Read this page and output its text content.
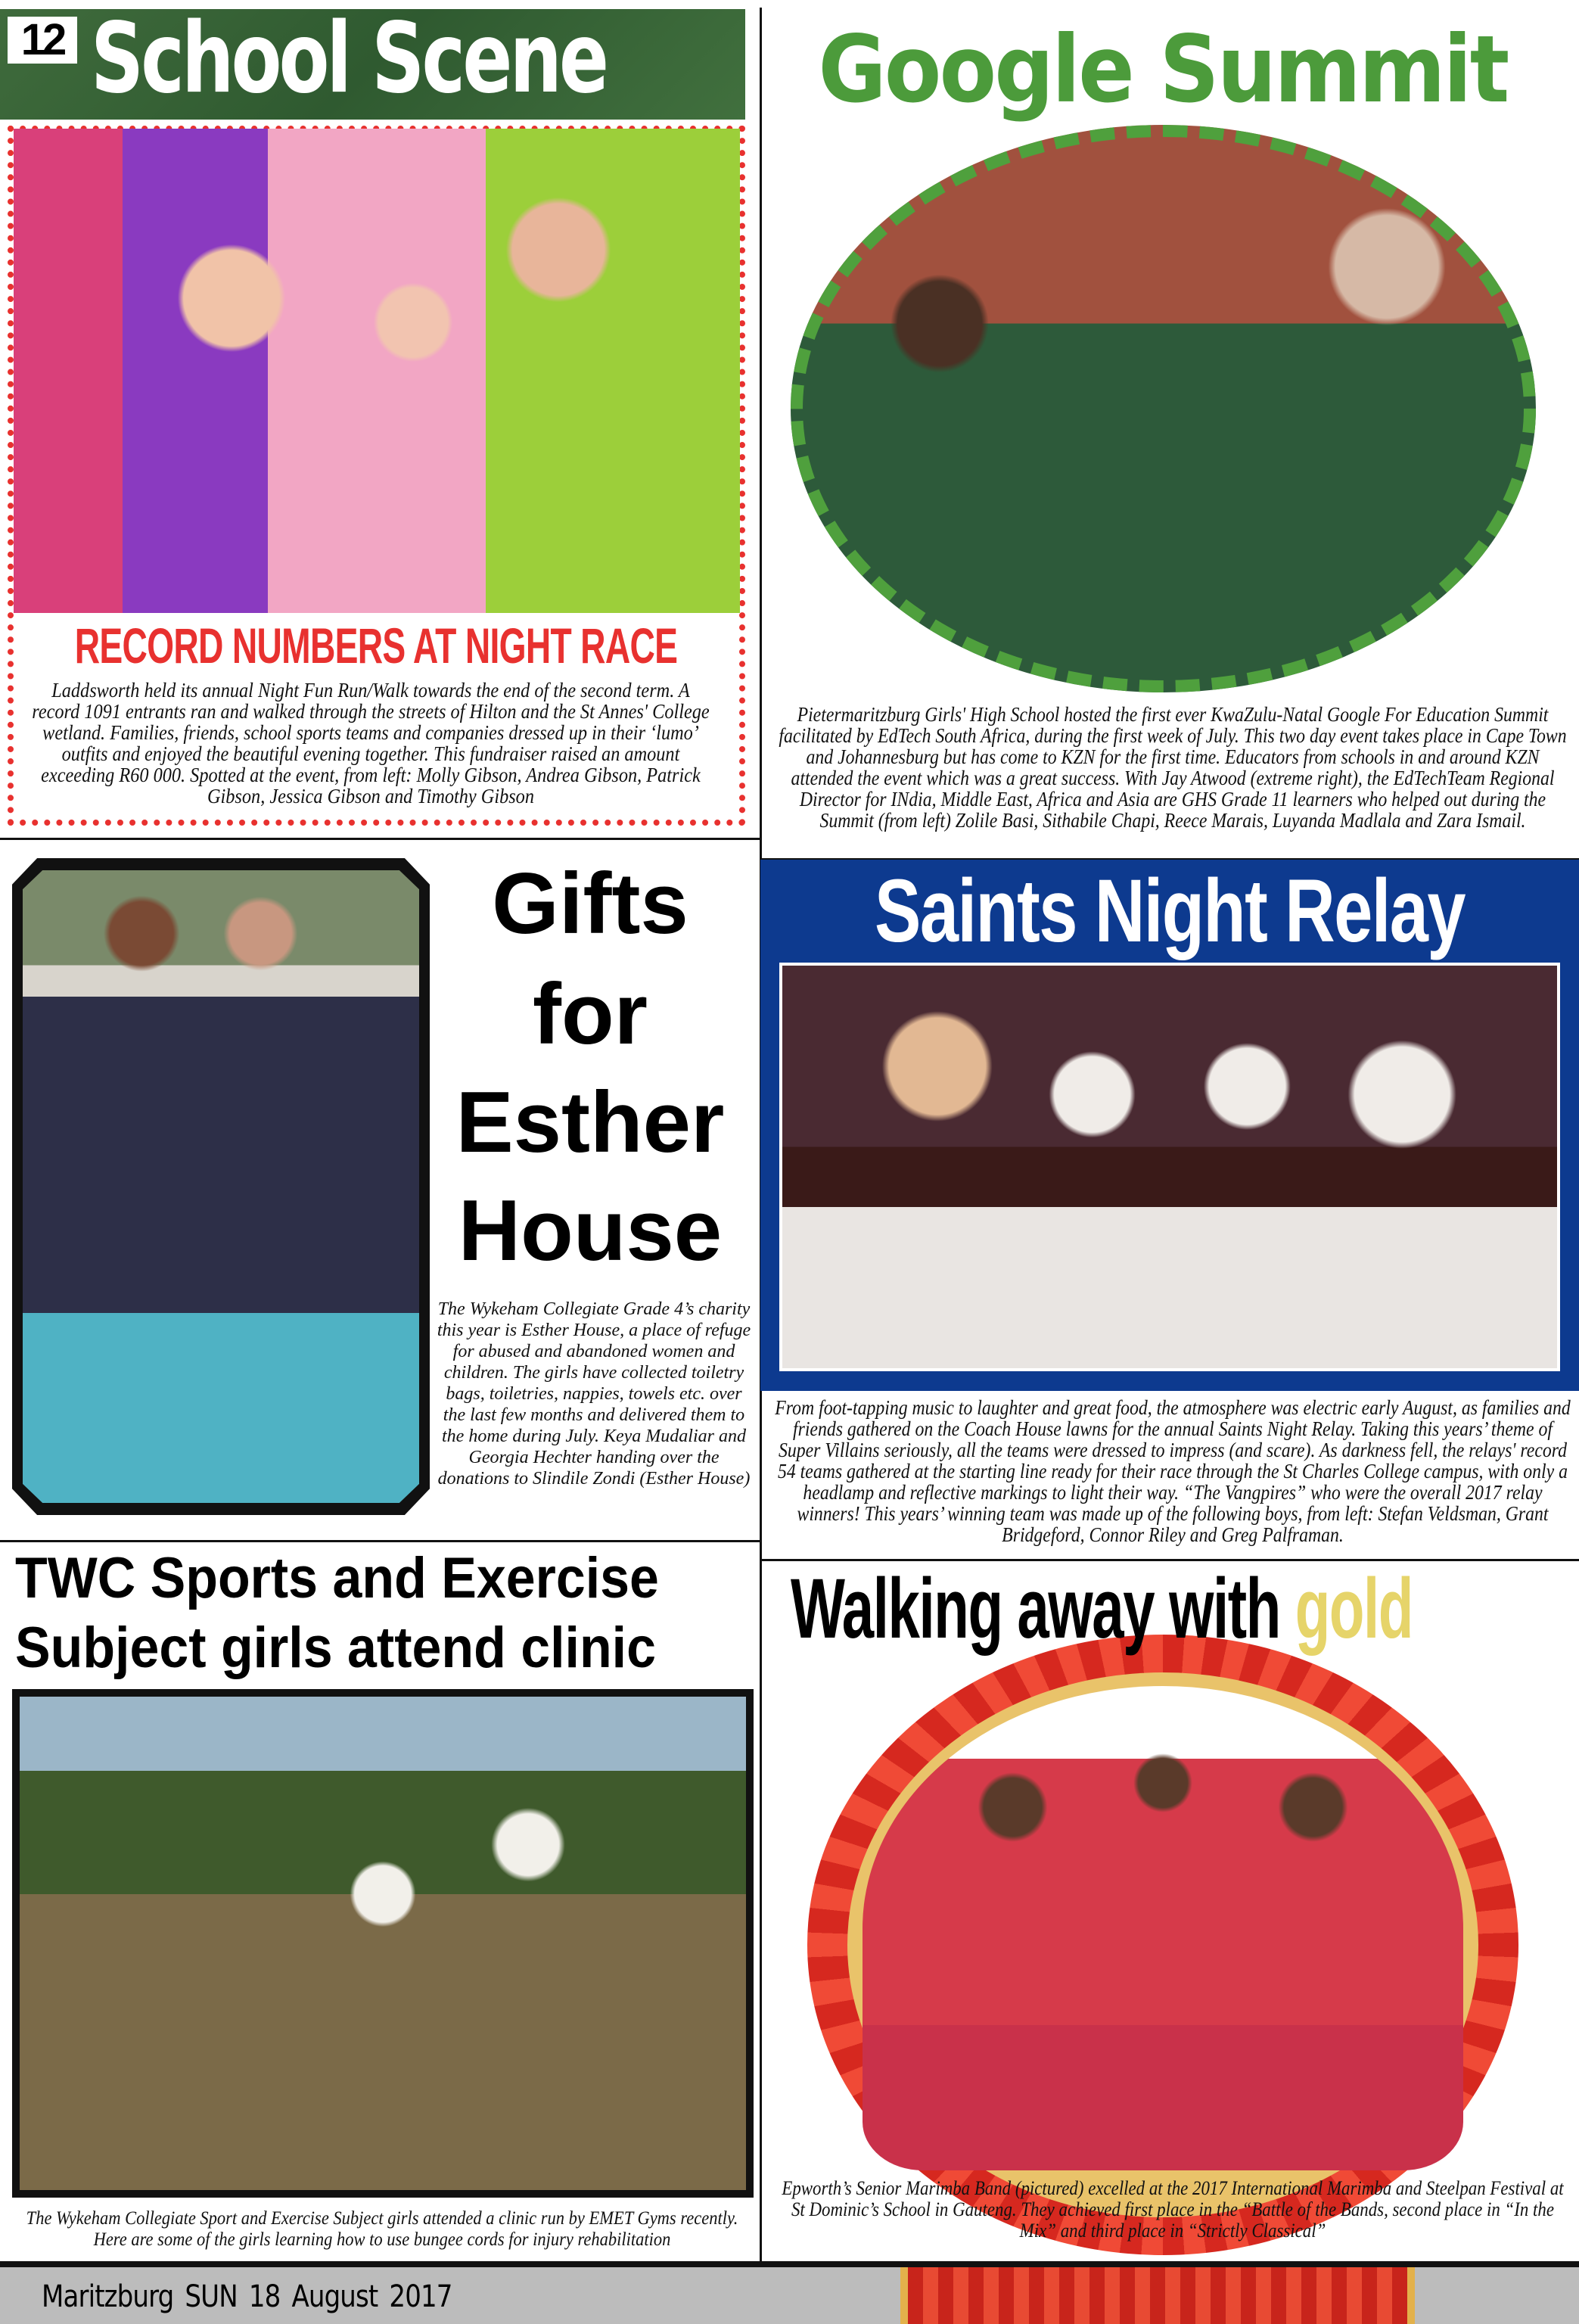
12 School Scene
RECORD NUMBERS AT NIGHT RACE
Laddsworth held its annual Night Fun Run/Walk towards the end of the second term. A record 1091 entrants ran and walked through the streets of Hilton and the St Annes' College wetland. Families, friends, school sports teams and companies dressed up in their ‘lumo’ outfits and enjoyed the beautiful evening together. This fundraiser raised an amount exceeding R60 000. Spotted at the event, from left: Molly Gibson, Andrea Gibson, Patrick Gibson, Jessica Gibson and Timothy Gibson
Google Summit
Pietermaritzburg Girls' High School hosted the first ever KwaZulu-Natal Google For Education Summit facilitated by EdTech South Africa, during the first week of July. This two day event takes place in Cape Town and Johannesburg but has come to KZN for the first time. Educators from schools in and around KZN attended the event which was a great success. With Jay Atwood (extreme right), the EdTechTeam Regional Director for INdia, Middle East, Africa and Asia are GHS Grade 11 learners who helped out during the Summit (from left) Zolile Basi, Sithabile Chapi, Reece Marais, Luyanda Madlala and Zara Ismail.
Gifts
for
Esther
House
The Wykeham Collegiate Grade 4’s charity this year is Esther House, a place of refuge for abused and abandoned women and children. The girls have collected toiletry bags, toiletries, nappies, towels etc. over the last few months and delivered them to the home during July. Keya Mudaliar and Georgia Hechter handing over the donations to Slindile Zondi (Esther House)
Saints Night Relay
From foot-tapping music to laughter and great food, the atmosphere was electric early August, as families and friends gathered on the Coach House lawns for the annual Saints Night Relay. Taking this years’ theme of Super Villains seriously, all the teams were dressed to impress (and scare). As darkness fell, the relays' record 54 teams gathered at the starting line ready for their race through the St Charles College campus, with only a headlamp and reflective markings to light their way. “The Vangpires” who were the overall 2017 relay winners! This years’ winning team was made up of the following boys, from left: Stefan Veldsman, Grant Bridgeford, Connor Riley and Greg Palframan.
TWC Sports and Exercise
Subject girls attend clinic
The Wykeham Collegiate Sport and Exercise Subject girls attended a clinic run by EMET Gyms recently. Here are some of the girls learning how to use bungee cords for injury rehabilitation
Walking away with gold
Epworth’s Senior Marimba Band (pictured) excelled at the 2017 International Marimba and Steelpan Festival at St Dominic’s School in Gauteng. They achieved first place in the “Battle of the Bands, second place in “In the Mix” and third place in “Strictly Classical”
Maritzburg SUN 18 August 2017
